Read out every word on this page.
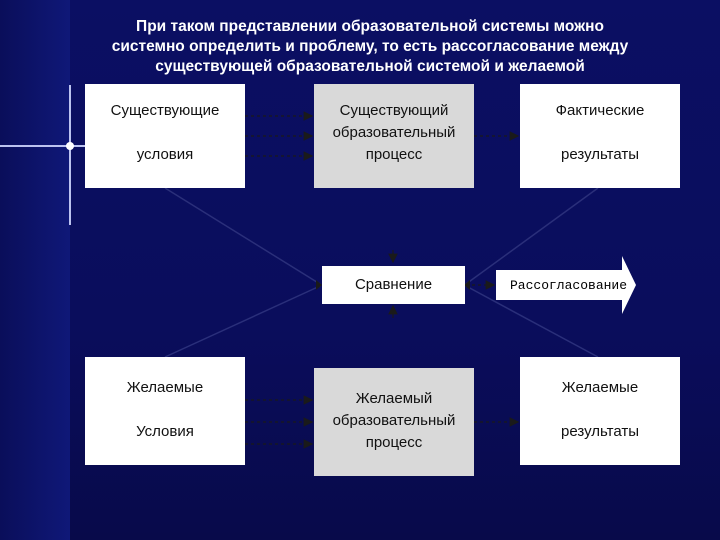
При таком представлении образовательной системы можно
системно определить и проблему, то есть рассогласование между
существующей образовательной системой и желаемой
Существующие
условия
Существующий
образовательный
процесс
Фактические
результаты
Сравнение	Рассогласование
Желаемые
Условия
Желаемый
образовательный
процесс
Желаемые
результаты
